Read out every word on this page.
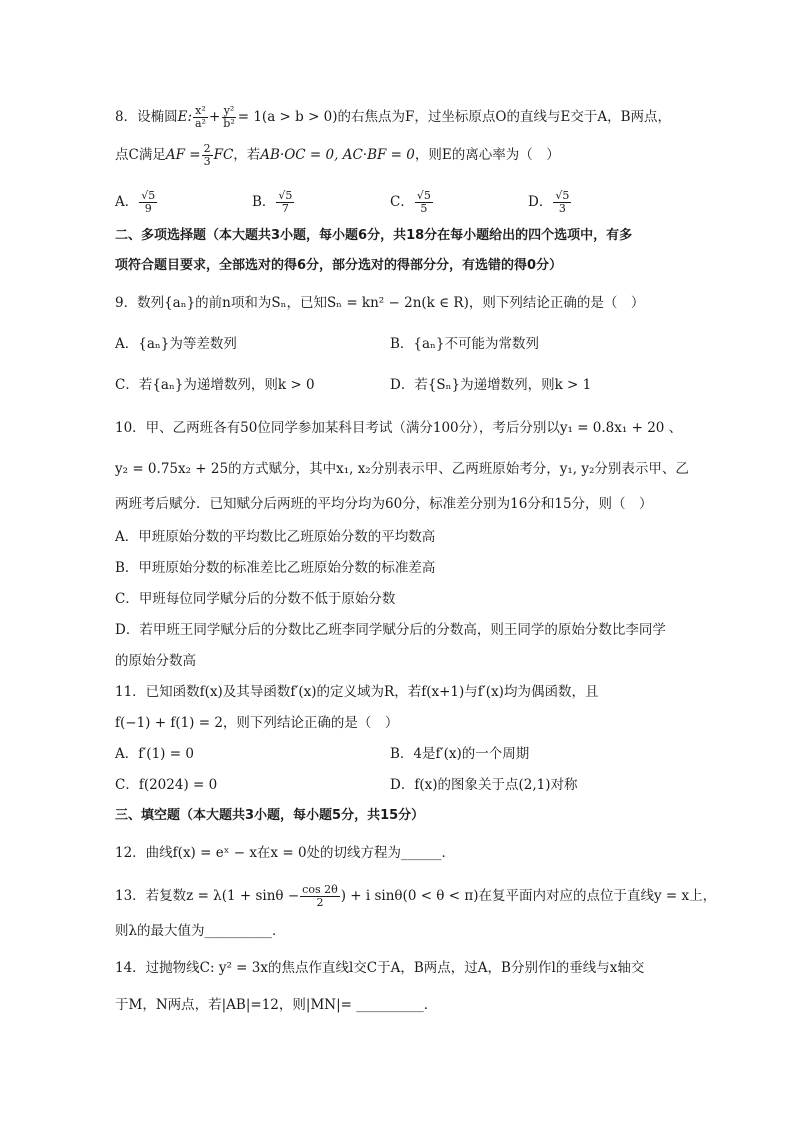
8．设椭圆E: $\frac{\text{x²}}{\text{a²}} + \frac{\text{y²}}{\text{b²}} = 1(a > b > 0)$的右焦点为F，过坐标原点O的直线与E交于A，B两点，
点C满足AF = $\frac{2}{3}$ FC，若AB·OC = 0, AC·BF = 0，则E的离心率为（　）
A． $\frac{√5}{9}$	B． $\frac{√5}{7}$	C． $\frac{√5}{5}$	D． $\frac{√5}{3}$
二、多项选择题（本大题共3小题，每小题6分，共18分在每小题给出的四个选项中，有多
项符合题目要求，全部选对的得6分，部分选对的得部分分，有选错的得0分）
9．数列{aₙ}的前n项和为Sₙ，已知Sₙ = kn² − 2n(k ∈ R)，则下列结论正确的是（　）
A．{aₙ}为等差数列	B．{aₙ}不可能为常数列
C．若{aₙ}为递增数列，则k > 0	D．若{Sₙ}为递增数列，则k > 1
10．甲、乙两班各有50位同学参加某科目考试（满分100分），考后分别以y₁ = 0.8x₁ + 20 、
y₂ = 0.75x₂ + 25的方式赋分，其中x₁, x₂分别表示甲、乙两班原始考分，y₁, y₂分别表示甲、乙
两班考后赋分．已知赋分后两班的平均分均为60分，标准差分别为16分和15分，则（　）
A．甲班原始分数的平均数比乙班原始分数的平均数高
B．甲班原始分数的标准差比乙班原始分数的标准差高
C．甲班每位同学赋分后的分数不低于原始分数
D．若甲班王同学赋分后的分数比乙班李同学赋分后的分数高，则王同学的原始分数比李同学
的原始分数高
11．已知函数f(x)及其导函数f′(x)的定义域为R，若f(x+1)与f′(x)均为偶函数，且
f(−1) + f(1) = 2，则下列结论正确的是（　）
A．f′(1) = 0	B．4是f′(x)的一个周期
C．f(2024) = 0	D．f(x)的图象关于点(2,1)对称
三、填空题（本大题共3小题，每小题5分，共15分）
12．曲线f(x) = eˣ − x在x = 0处的切线方程为______．
13．若复数$z = \lambda(1 + \sin\theta - \frac{\cos 2\theta}{2}$ ) + i sinθ(0 < θ < π)在复平面内对应的点位于直线y = x上，
则λ的最大值为__________．
14．过抛物线C: y² = 3x的焦点作直线l交C于A，B两点，过A，B分别作l的垂线与x轴交
于M，N两点，若|AB|=12，则|MN|= __________．
